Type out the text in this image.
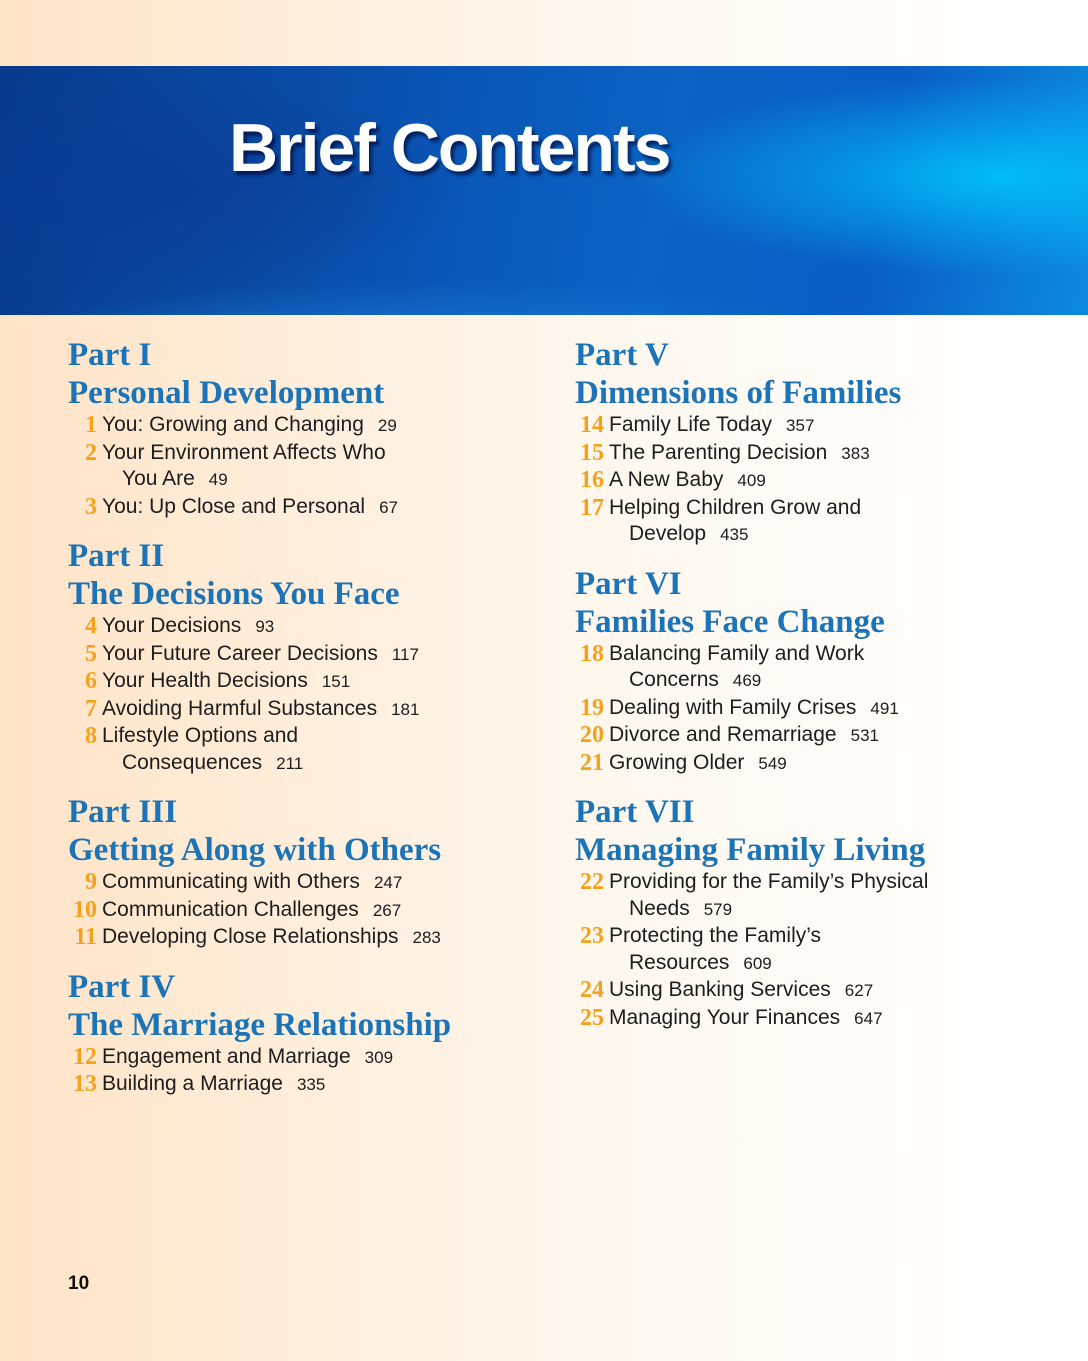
Brief Contents
Part I
Personal Development
1 You: Growing and Changing 29
2 Your Environment Affects Who
You Are 49
3 You: Up Close and Personal 67
Part II
The Decisions You Face
4 Your Decisions 93
5 Your Future Career Decisions 117
6 Your Health Decisions 151
7 Avoiding Harmful Substances 181
8 Lifestyle Options and
Consequences 211
Part III
Getting Along with Others
9 Communicating with Others 247
10 Communication Challenges 267
11 Developing Close Relationships 283
Part IV
The Marriage Relationship
12 Engagement and Marriage 309
13 Building a Marriage 335
Part V
Dimensions of Families
14 Family Life Today 357
15 The Parenting Decision 383
16 A New Baby 409
17 Helping Children Grow and
Develop 435
Part VI
Families Face Change
18 Balancing Family and Work
Concerns 469
19 Dealing with Family Crises 491
20 Divorce and Remarriage 531
21 Growing Older 549
Part VII
Managing Family Living
22 Providing for the Family’s Physical
Needs 579
23 Protecting the Family’s
Resources 609
24 Using Banking Services 627
25 Managing Your Finances 647
10
